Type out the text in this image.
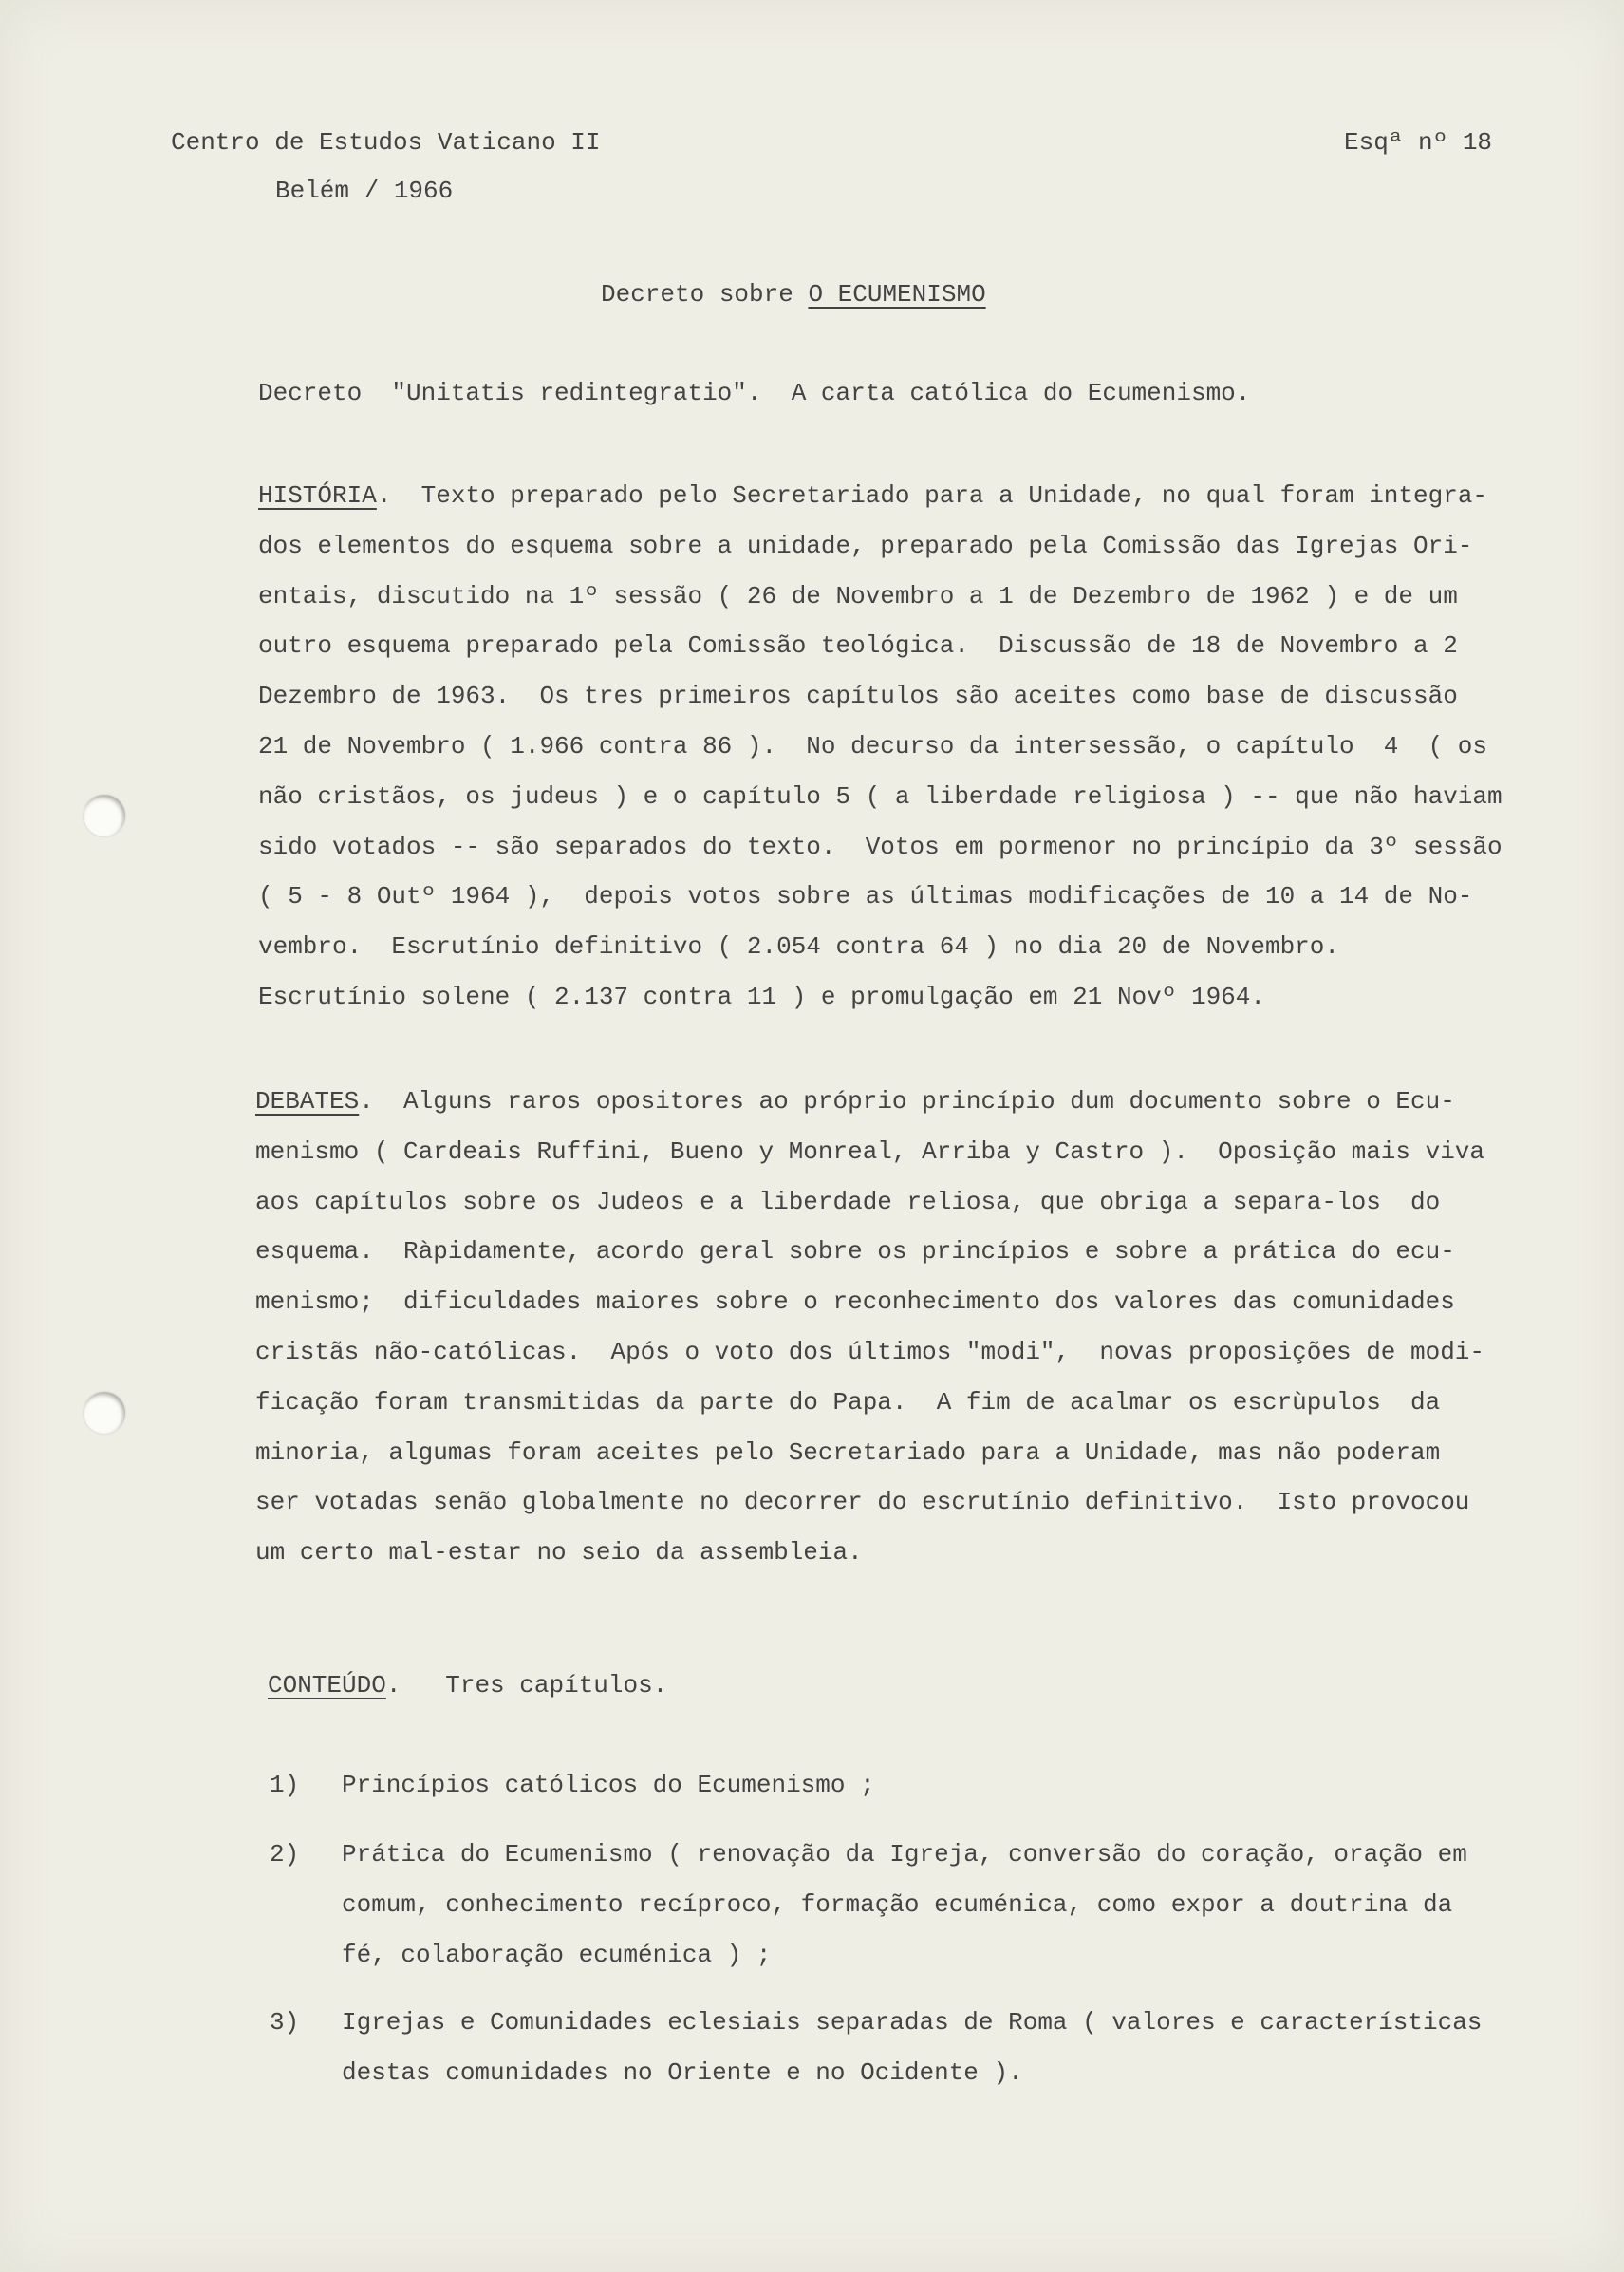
Centro de Estudos Vaticano II
Belém / 1966
Esqª nº 18
Decreto sobre O ECUMENISMO
Decreto  "Unitatis redintegratio".  A carta católica do Ecumenismo.
HISTÓRIA.  Texto preparado pelo Secretariado para a Unidade, no qual foram integra-
dos elementos do esquema sobre a unidade, preparado pela Comissão das Igrejas Ori-
entais, discutido na 1º sessão ( 26 de Novembro a 1 de Dezembro de 1962 ) e de um
outro esquema preparado pela Comissão teológica.  Discussão de 18 de Novembro a 2
Dezembro de 1963.  Os tres primeiros capítulos são aceites como base de discussão
21 de Novembro ( 1.966 contra 86 ).  No decurso da intersessão, o capítulo  4  ( os
não cristãos, os judeus ) e o capítulo 5 ( a liberdade religiosa ) -- que não haviam
sido votados -- são separados do texto.  Votos em pormenor no princípio da 3º sessão
( 5 - 8 Outº 1964 ),  depois votos sobre as últimas modificações de 10 a 14 de No-
vembro.  Escrutínio definitivo ( 2.054 contra 64 ) no dia 20 de Novembro.
Escrutínio solene ( 2.137 contra 11 ) e promulgação em 21 Novº 1964.
DEBATES.  Alguns raros opositores ao próprio princípio dum documento sobre o Ecu-
menismo ( Cardeais Ruffini, Bueno y Monreal, Arriba y Castro ).  Oposição mais viva
aos capítulos sobre os Judeos e a liberdade reliosa, que obriga a separa-los  do
esquema.  Ràpidamente, acordo geral sobre os princípios e sobre a prática do ecu-
menismo;  dificuldades maiores sobre o reconhecimento dos valores das comunidades
cristãs não-católicas.  Após o voto dos últimos "modi",  novas proposições de modi-
ficação foram transmitidas da parte do Papa.  A fim de acalmar os escrùpulos  da
minoria, algumas foram aceites pelo Secretariado para a Unidade, mas não poderam
ser votadas senão globalmente no decorrer do escrutínio definitivo.  Isto provocou
um certo mal-estar no seio da assembleia.
CONTEÚDO.   Tres capítulos.
1) Princípios católicos do Ecumenismo ;
2) Prática do Ecumenismo ( renovação da Igreja, conversão do coração, oração em
comum, conhecimento recíproco, formação ecuménica, como expor a doutrina da
fé, colaboração ecuménica ) ;
3) Igrejas e Comunidades eclesiais separadas de Roma ( valores e características
destas comunidades no Oriente e no Ocidente ).
